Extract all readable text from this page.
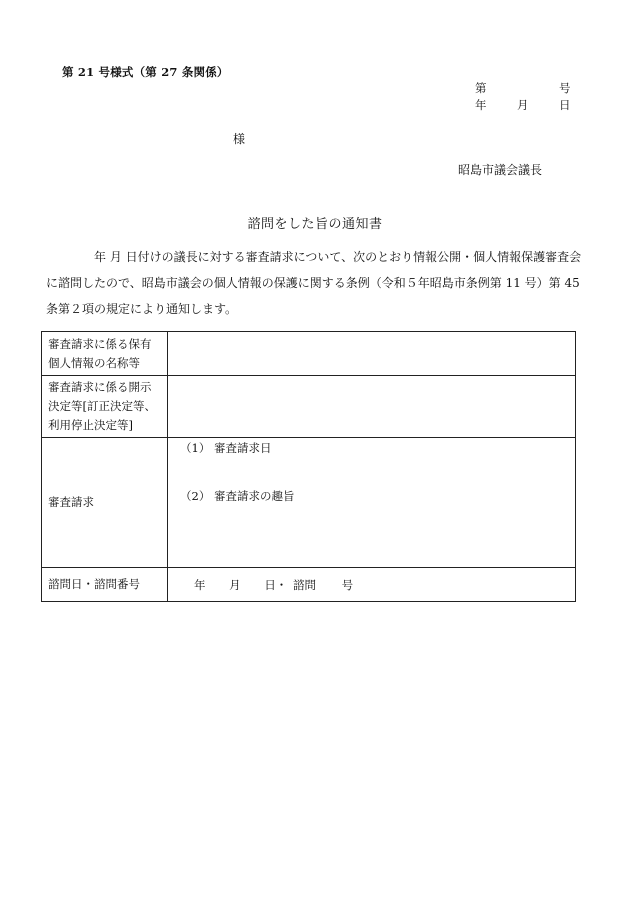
第 21 号様式（第 27 条関係）
第	号
年	月	日
様
昭島市議会議長
諮問をした旨の通知書
年 月 日付けの議長に対する審査請求について、次のとおり情報公開・個人情報保護審査会に諮問したので、昭島市議会の個人情報の保護に関する条例（令和５年昭島市条例第 11 号）第 45 条第２項の規定により通知します。
審査請求に係る保有個人情報の名称等	
審査請求に係る開示決定等[訂正決定等、利用停止決定等]	
審査請求	（1） 審査請求日
（2） 審査請求の趣旨

諮問日・諮問番号	年 月 日・ 諮問 号
